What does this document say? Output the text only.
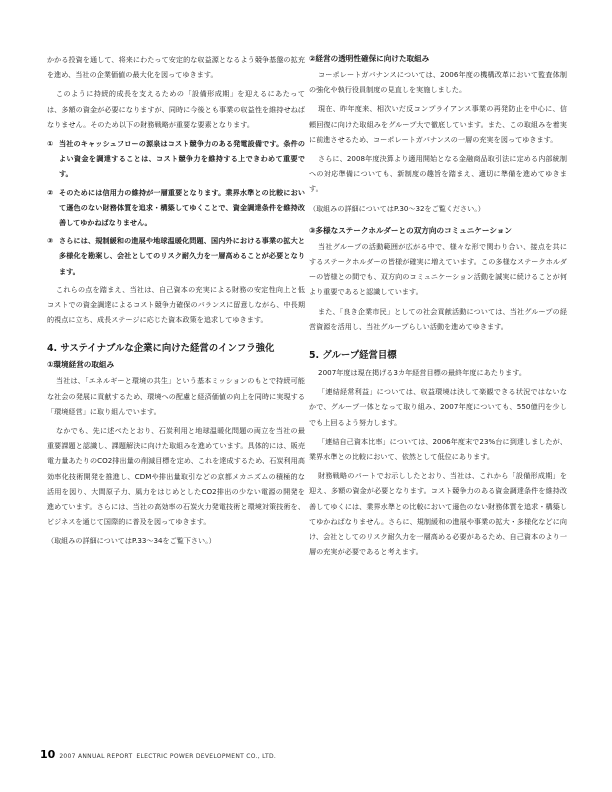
かかる投資を通して、将来にわたって安定的な収益源となるよう競争基盤の拡充を進め、当社の企業価値の最大化を図ってゆきます。

このように持続的成長を支えるための「設備形成期」を迎えるにあたっては、多額の資金が必要になりますが、同時に今後とも事業の収益性を維持せねばなりません。そのため以下の財務戦略が重要な要素となります。

① 当社のキャッシュフローの源泉はコスト競争力のある発電設備です。条件のよい資金を調達することは、コスト競争力を維持する上できわめて重要です。
② そのためには信用力の維持が一層重要となります。業界水準との比較において遜色のない財務体質を追求・構築してゆくことで、資金調達条件を維持改善してゆかねばなりません。
③ さらには、規制緩和の進展や地球温暖化問題、国内外における事業の拡大と多様化を勘案し、会社としてのリスク耐久力を一層高めることが必要となります。

これらの点を踏まえ、当社は、自己資本の充実による財務の安定性向上と低コストでの資金調達によるコスト競争力確保のバランスに留意しながら、中長期的視点に立ち、成長ステージに応じた資本政策を追求してゆきます。

4. サステイナブルな企業に向けた経営のインフラ強化
①環境経営の取組み

当社は、「エネルギーと環境の共生」という基本ミッションのもとで持続可能な社会の発展に貢献するため、環境への配慮と経済価値の向上を同時に実現する「環境経営」に取り組んでいます。

なかでも、先に述べたとおり、石炭利用と地球温暖化問題の両立を当社の最重要課題と認識し、課題解決に向けた取組みを進めています。具体的には、販売電力量あたりのCO2排出量の削減目標を定め、これを達成するため、石炭利用高効率化技術開発を推進し、CDMや排出量取引などの京都メカニズムの積極的な活用を図り、大間原子力、風力をはじめとしたCO2排出の少ない電源の開発を進めています。さらには、当社の高効率の石炭火力発電技術と環境対策技術を、ビジネスを通じて国際的に普及を図ってゆきます。

（取組みの詳細についてはP.33〜34をご覧下さい。）
②経営の透明性確保に向けた取組み

コーポレートガバナンスについては、2006年度の機構改革において監査体制の強化や執行役員制度の見直しを実施しました。

現在、昨年度来、相次いだ反コンプライアンス事業の再発防止を中心に、信頼回復に向けた取組みをグループ大で徹底しています。また、この取組みを着実に前進させるため、コーポレートガバナンスの一層の充実を図ってゆきます。

さらに、2008年度決算より適用開始となる金融商品取引法に定める内部統制への対応準備についても、新制度の趣旨を踏まえ、適切に準備を進めてゆきます。

（取組みの詳細についてはP.30〜32をご覧ください。）
③多様なステークホルダーとの双方向のコミュニケーション

当社グループの活動範囲が広がる中で、様々な形で関わり合い、接点を共にするステークホルダーの皆様が確実に増えています。この多様なステークホルダーの皆様との間でも、双方向のコミュニケーション活動を誠実に続けることが何より重要であると認識しています。

また、「良き企業市民」としての社会貢献活動については、当社グループの経営資源を活用し、当社グループらしい活動を進めてゆきます。

5. グループ経営目標

2007年度は現在掲げる3カ年経営目標の最終年度にあたります。

「連結経常利益」については、収益環境は決して楽観できる状況ではないなかで、グループ一体となって取り組み、2007年度についても、550億円を少しでも上回るよう努力します。

「連結自己資本比率」については、2006年度末で23%台に到達しましたが、業界水準との比較において、依然として低位にあります。

財務戦略のパートでお示ししたとおり、当社は、これから「設備形成期」を迎え、多額の資金が必要となります。コスト競争力のある資金調達条件を維持改善してゆくには、業界水準との比較において遜色のない財務体質を追求・構築してゆかねばなりません。さらに、規制緩和の進展や事業の拡大・多様化などに向け、会社としてのリスク耐久力を一層高める必要があるため、自己資本のより一層の充実が必要であると考えます。

10 2007 ANNUAL REPORT ELECTRIC POWER DEVELOPMENT CO., LTD.
